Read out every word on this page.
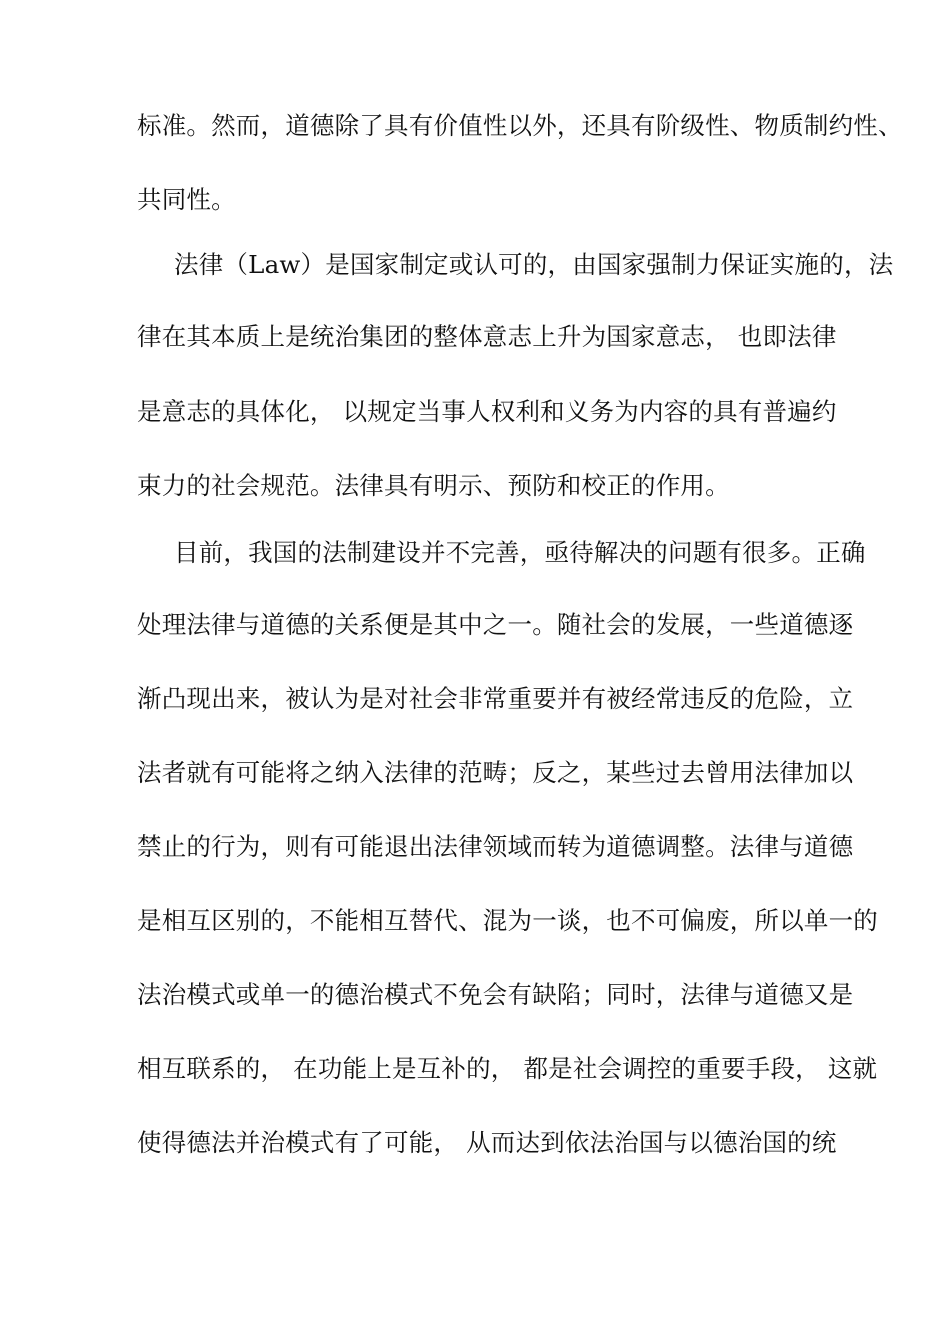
标准。然而，道德除了具有价值性以外，还具有阶级性、物质制约性、
共同性。
法律（Law）是国家制定或认可的，由国家强制力保证实施的，法
律在其本质上是统治集团的整体意志上升为国家意志， 也即法律
是意志的具体化， 以规定当事人权利和义务为内容的具有普遍约
束力的社会规范。法律具有明示、预防和校正的作用。
目前，我国的法制建设并不完善，亟待解决的问题有很多。正确
处理法律与道德的关系便是其中之一。随社会的发展，一些道德逐
渐凸现出来，被认为是对社会非常重要并有被经常违反的危险，立
法者就有可能将之纳入法律的范畴；反之，某些过去曾用法律加以
禁止的行为，则有可能退出法律领域而转为道德调整。法律与道德
是相互区别的，不能相互替代、混为一谈，也不可偏废，所以单一的
法治模式或单一的德治模式不免会有缺陷；同时，法律与道德又是
相互联系的， 在功能上是互补的， 都是社会调控的重要手段， 这就
使得德法并治模式有了可能， 从而达到依法治国与以德治国的统
